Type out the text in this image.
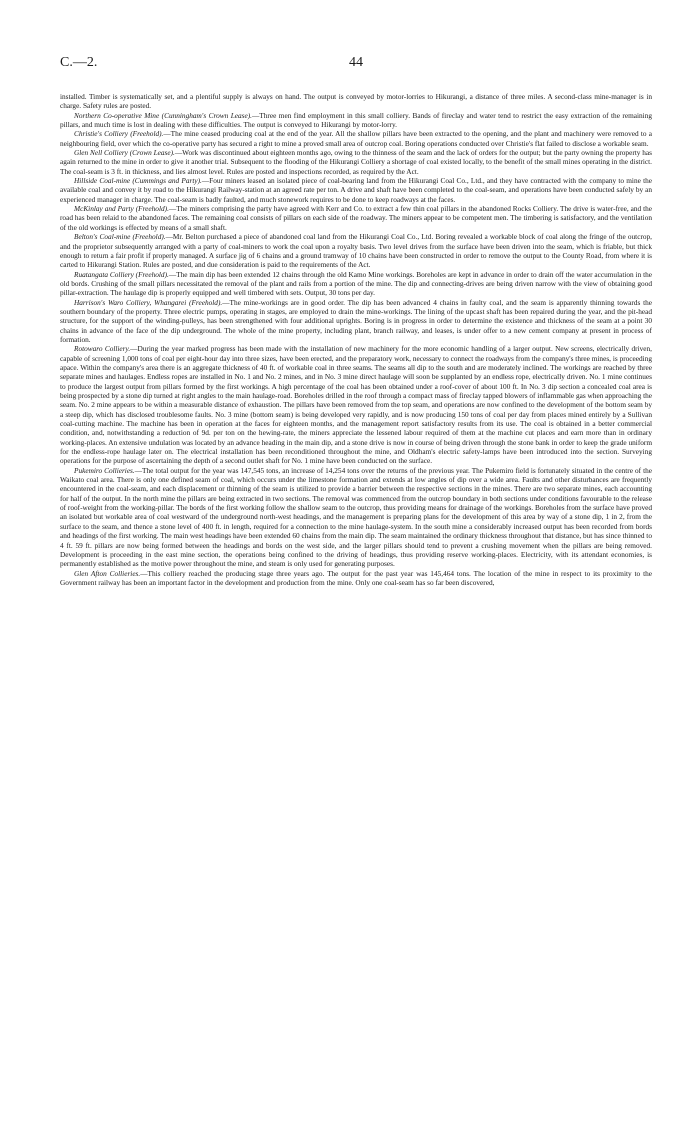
C.—2.	44

installed. Timber is systematically set, and a plentiful supply is always on hand. The output is conveyed by motor-lorries to Hikurangi, a distance of three miles. A second-class mine-manager is in charge. Safety rules are posted.

Northern Co-operative Mine (Cunningham's Crown Lease).—Three men find employment in this small colliery. Bands of fireclay and water tend to restrict the easy extraction of the remaining pillars, and much time is lost in dealing with these difficulties. The output is conveyed to Hikurangi by motor-lorry.

Christie's Colliery (Freehold).—The mine ceased producing coal at the end of the year. All the shallow pillars have been extracted to the opening, and the plant and machinery were removed to a neighbouring field, over which the co-operative party has secured a right to mine a proved small area of outcrop coal. Boring operations conducted over Christie's flat failed to disclose a workable seam.

Glen Nell Colliery (Crown Lease).—Work was discontinued about eighteen months ago, owing to the thinness of the seam and the lack of orders for the output; but the party owning the property has again returned to the mine in order to give it another trial. Subsequent to the flooding of the Hikurangi Colliery a shortage of coal existed locally, to the benefit of the small mines operating in the district. The coal-seam is 3 ft. in thickness, and lies almost level. Rules are posted and inspections recorded, as required by the Act.

Hillside Coal-mine (Cummings and Party).—Four miners leased an isolated piece of coal-bearing land from the Hikurangi Coal Co., Ltd., and they have contracted with the company to mine the available coal and convey it by road to the Hikurangi Railway-station at an agreed rate per ton. A drive and shaft have been completed to the coal-seam, and operations have been conducted safely by an experienced manager in charge. The coal-seam is badly faulted, and much stonework requires to be done to keep roadways at the faces.

McKinlay and Party (Freehold).—The miners comprising the party have agreed with Kerr and Co. to extract a few thin coal pillars in the abandoned Rocks Colliery. The drive is water-free, and the road has been relaid to the abandoned faces. The remaining coal consists of pillars on each side of the roadway. The miners appear to be competent men. The timbering is satisfactory, and the ventilation of the old workings is effected by means of a small shaft.

Belton's Coal-mine (Freehold).—Mr. Belton purchased a piece of abandoned coal land from the Hikurangi Coal Co., Ltd. Boring revealed a workable block of coal along the fringe of the outcrop, and the proprietor subsequently arranged with a party of coal-miners to work the coal upon a royalty basis. Two level drives from the surface have been driven into the seam, which is friable, but thick enough to return a fair profit if properly managed. A surface jig of 6 chains and a ground tramway of 10 chains have been constructed in order to remove the output to the County Road, from where it is carted to Hikurangi Station. Rules are posted, and due consideration is paid to the requirements of the Act.

Ruatangata Colliery (Freehold).—The main dip has been extended 12 chains through the old Kamo Mine workings. Boreholes are kept in advance in order to drain off the water accumulation in the old bords. Crushing of the small pillars necessitated the removal of the plant and rails from a portion of the mine. The dip and connecting-drives are being driven narrow with the view of obtaining good pillar-extraction. The haulage dip is properly equipped and well timbered with sets. Output, 30 tons per day.

Harrison's Waro Colliery, Whangarei (Freehold).—The mine-workings are in good order. The dip has been advanced 4 chains in faulty coal, and the seam is apparently thinning towards the southern boundary of the property. Three electric pumps, operating in stages, are employed to drain the mine-workings. The lining of the upcast shaft has been repaired during the year, and the pit-head structure, for the support of the winding-pulleys, has been strengthened with four additional uprights. Boring is in progress in order to determine the existence and thickness of the seam at a point 30 chains in advance of the face of the dip underground. The whole of the mine property, including plant, branch railway, and leases, is under offer to a new cement company at present in process of formation.

Rotowaro Colliery.—During the year marked progress has been made with the installation of new machinery for the more economic handling of a larger output. New screens, electrically driven, capable of screening 1,000 tons of coal per eight-hour day into three sizes, have been erected, and the preparatory work, necessary to connect the roadways from the company's three mines, is proceeding apace. Within the company's area there is an aggregate thickness of 40 ft. of workable coal in three seams. The seams all dip to the south and are moderately inclined. The workings are reached by three separate mines and haulages. Endless ropes are installed in No. 1 and No. 2 mines, and in No. 3 mine direct haulage will soon be supplanted by an endless rope, electrically driven. No. 1 mine continues to produce the largest output from pillars formed by the first workings. A high percentage of the coal has been obtained under a roof-cover of about 100 ft. In No. 3 dip section a concealed coal area is being prospected by a stone dip turned at right angles to the main haulage-road. Boreholes drilled in the roof through a compact mass of fireclay tapped blowers of inflammable gas when approaching the seam. No. 2 mine appears to be within a measurable distance of exhaustion. The pillars have been removed from the top seam, and operations are now confined to the development of the bottom seam by a steep dip, which has disclosed troublesome faults. No. 3 mine (bottom seam) is being developed very rapidly, and is now producing 150 tons of coal per day from places mined entirely by a Sullivan coal-cutting machine. The machine has been in operation at the faces for eighteen months, and the management report satisfactory results from its use. The coal is obtained in a better commercial condition, and, notwithstanding a reduction of 9d. per ton on the hewing-rate, the miners appreciate the lessened labour required of them at the machine cut places and earn more than in ordinary working-places. An extensive undulation was located by an advance heading in the main dip, and a stone drive is now in course of being driven through the stone bank in order to keep the grade uniform for the endless-rope haulage later on. The electrical installation has been reconditioned throughout the mine, and Oldham's electric safety-lamps have been introduced into the section. Surveying operations for the purpose of ascertaining the depth of a second outlet shaft for No. 1 mine have been conducted on the surface.

Pukemiro Collieries.—The total output for the year was 147,545 tons, an increase of 14,254 tons over the returns of the previous year. The Pukemiro field is fortunately situated in the centre of the Waikato coal area. There is only one defined seam of coal, which occurs under the limestone formation and extends at low angles of dip over a wide area. Faults and other disturbances are frequently encountered in the coal-seam, and each displacement or thinning of the seam is utilized to provide a barrier between the respective sections in the mines. There are two separate mines, each accounting for half of the output. In the north mine the pillars are being extracted in two sections. The removal was commenced from the outcrop boundary in both sections under conditions favourable to the release of roof-weight from the working-pillar. The bords of the first working follow the shallow seam to the outcrop, thus providing means for drainage of the workings. Boreholes from the surface have proved an isolated but workable area of coal westward of the underground north-west headings, and the management is preparing plans for the development of this area by way of a stone dip, 1 in 2, from the surface to the seam, and thence a stone level of 400 ft. in length, required for a connection to the mine haulage-system. In the south mine a considerably increased output has been recorded from bords and headings of the first working. The main west headings have been extended 60 chains from the main dip. The seam maintained the ordinary thickness throughout that distance, but has since thinned to 4 ft. 59 ft. pillars are now being formed between the headings and bords on the west side, and the larger pillars should tend to prevent a crushing movement when the pillars are being removed. Development is proceeding in the east mine section, the operations being confined to the driving of headings, thus providing reserve working-places. Electricity, with its attendant economies, is permanently established as the motive power throughout the mine, and steam is only used for generating purposes.

Glen Afton Collieries.—This colliery reached the producing stage three years ago. The output for the past year was 145,464 tons. The location of the mine in respect to its proximity to the Government railway has been an important factor in the development and production from the mine. Only one coal-seam has so far been discovered,
